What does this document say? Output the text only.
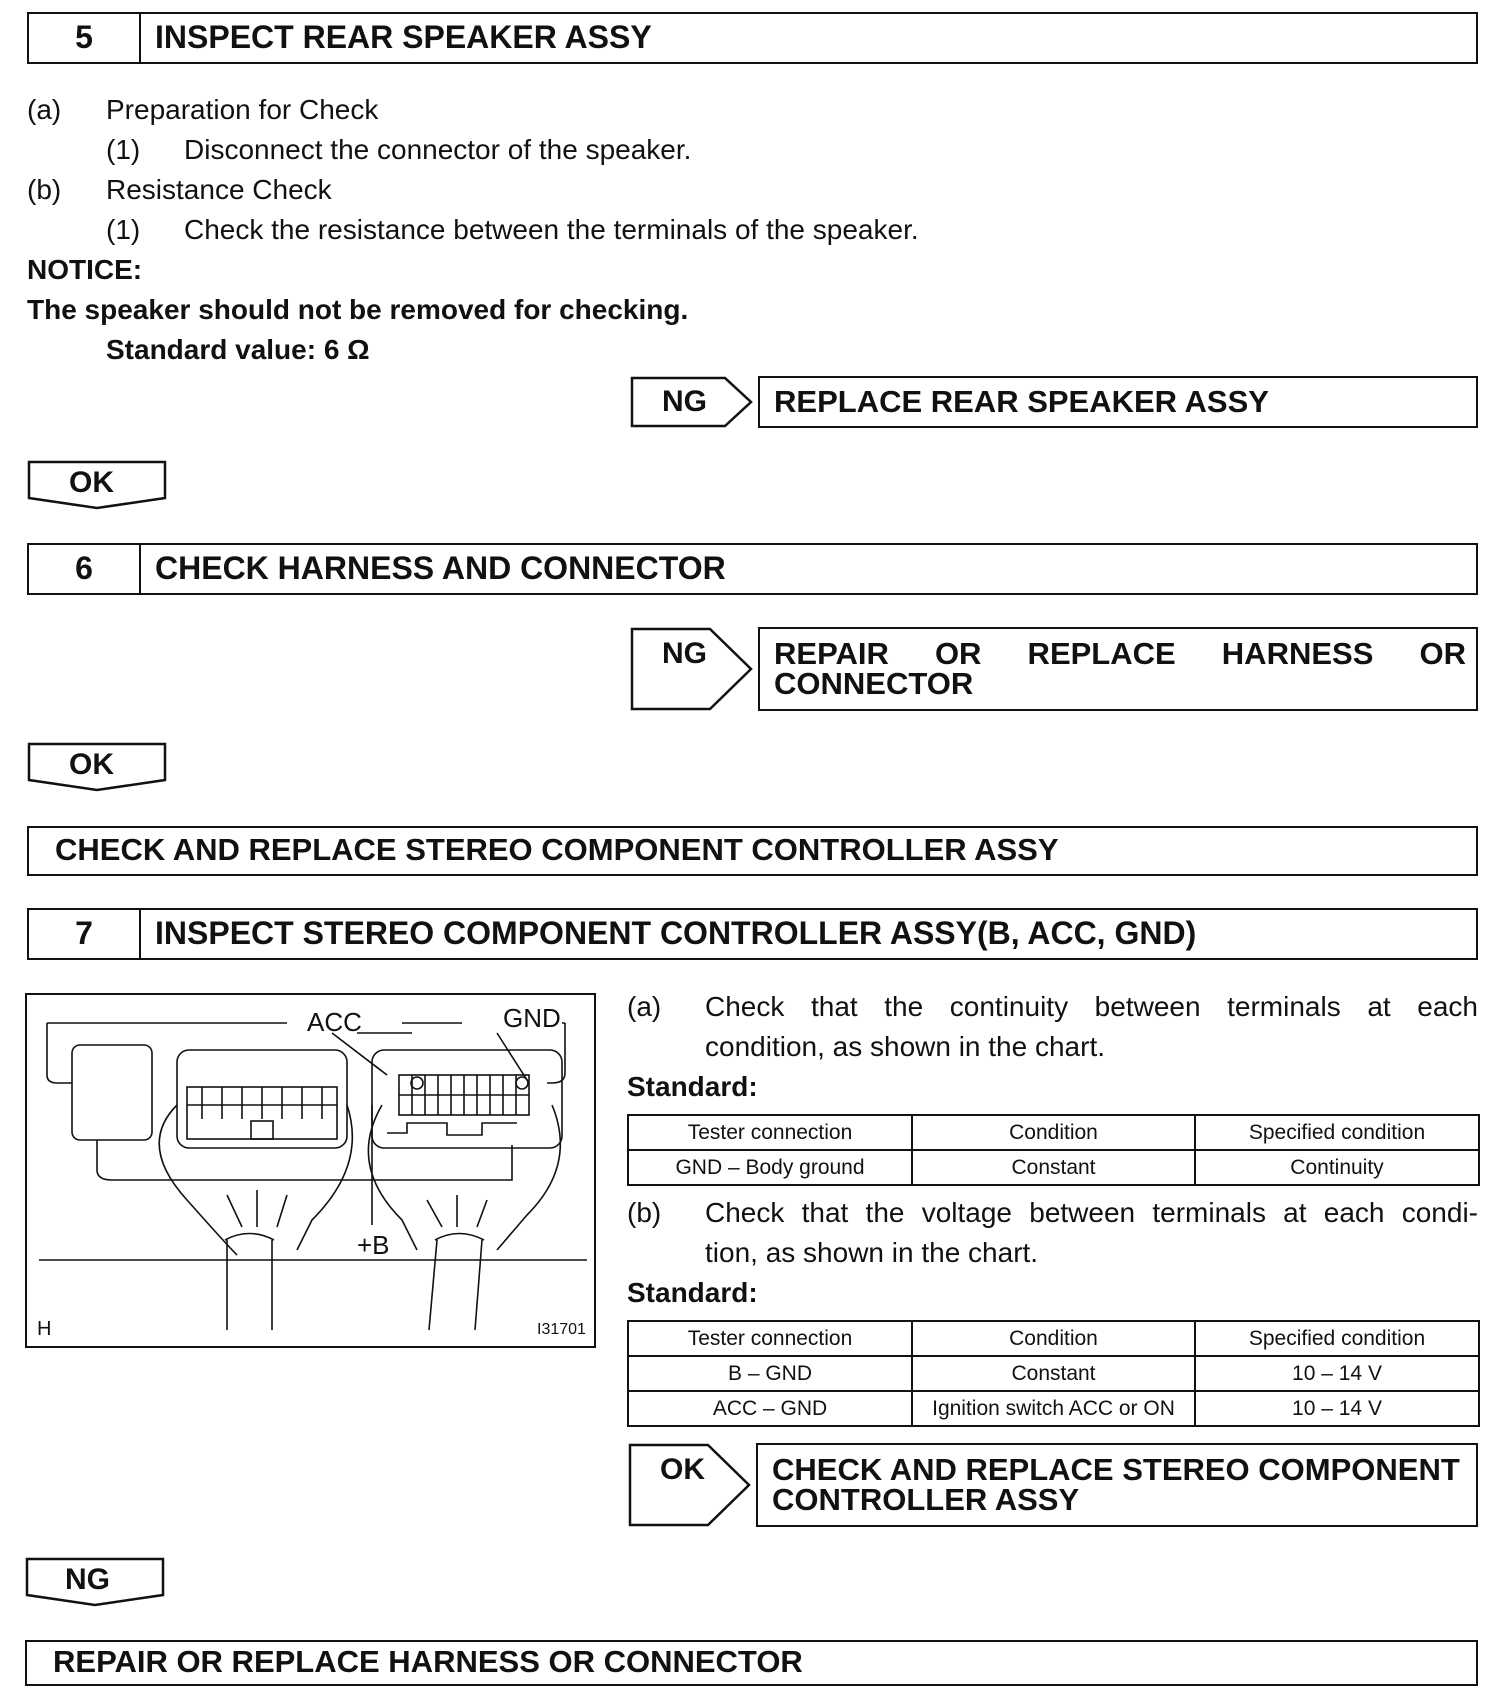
5	INSPECT REAR SPEAKER ASSY
(a) Preparation for Check
(1) Disconnect the connector of the speaker.
(b) Resistance Check
(1) Check the resistance between the terminals of the speaker.
NOTICE:
The speaker should not be removed for checking.
Standard value: 6 Ω
NG REPLACE REAR SPEAKER ASSY
OK
6	CHECK HARNESS AND CONNECTOR
NG REPAIR OR REPLACE HARNESS OR
CONNECTOR
OK
CHECK AND REPLACE STEREO COMPONENT CONTROLLER ASSY
7	INSPECT STEREO COMPONENT CONTROLLER ASSY(B, ACC, GND)
ACC	GND
+B
H	I31701
(a) Check that the continuity between terminals at each
condition, as shown in the chart.
Standard:
Tester connection	Condition	Specified condition
GND – Body ground	Constant	Continuity
(b) Check that the voltage between terminals at each condi-
tion, as shown in the chart.
Standard:
Tester connection	Condition	Specified condition
B – GND	Constant	10 – 14 V
ACC – GND	Ignition switch ACC or ON	10 – 14 V
OK CHECK AND REPLACE STEREO COMPONENT
CONTROLLER ASSY
NG
REPAIR OR REPLACE HARNESS OR CONNECTOR
